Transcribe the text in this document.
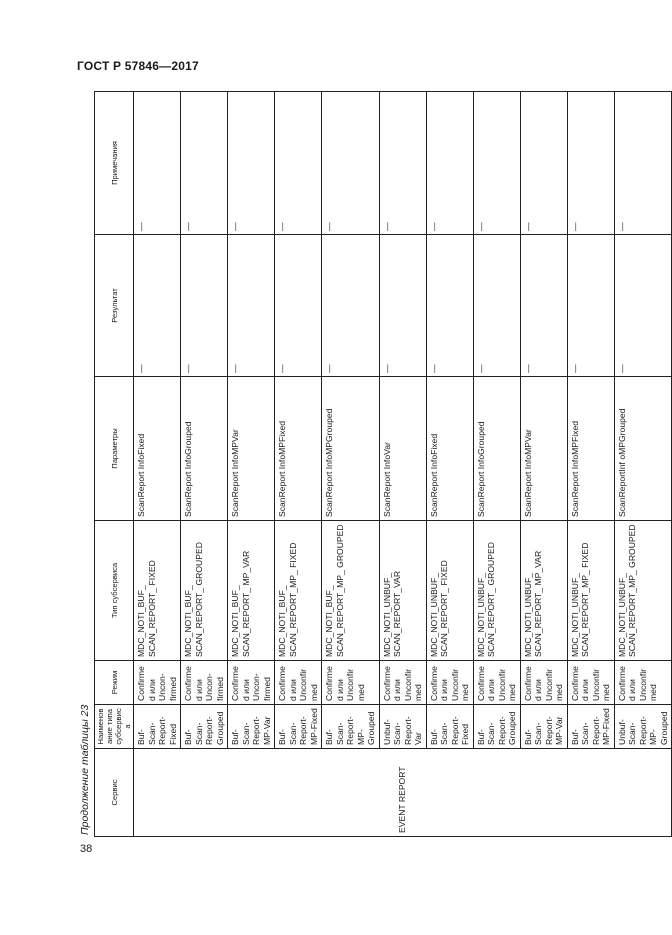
ГОСТ Р 57846—2017
Продолжение таблицы 23	Сервис	Наименование типа субсервиса	Режим	Тип субсервиса	Параметры	Результат	Примечания
EVENT REPORT	Buf-Scan-Report-Fixed	Confirmed или Uncon-firmed	MDC_NOTI_BUF_ SCAN_REPORT_ FIXED	ScanReport InfoFixed	—	—
	Buf-Scan-Report-Grouped	Confirmed или Uncon-firmed	MDC_NOTI_BUF_ SCAN_REPORT_ GROUPED	ScanReport InfoGrouped	—	—
	Buf-Scan-Report-MP-Var	Confirmed или Uncon-firmed	MDC_NOTI_BUF_ SCAN_REPORT_ MP_VAR	ScanReport InfoMPVar	—	—
	Buf-Scan-Report-MP-Fixed	Confirmed или Unconfirmed	MDC_NOTI_BUF_ SCAN_REPORT_MP_ FIXED	ScanReport InfoMPFixed	—	—
	Buf-Scan-Report-MP-Grouped	Confirmed или Unconfirmed	MDC_NOTI_BUF_ SCAN_REPORT_MP_ GROUPED	ScanReport InfoMPGrouped	—	—
	Unbuf-Scan-Report-Var	Confirmed или Unconfirmed	MDC_NOTI_UNBUF_ SCAN_REPORT_VAR	ScanReport InfoVar	—	—
	Buf-Scan-Report-Fixed	Confirmed или Unconfirmed	MDC_NOTI_UNBUF_ SCAN_REPORT_ FIXED	ScanReport InfoFixed	—	—
	Buf-Scan-Report-Grouped	Confirmed или Unconfirmed	MDC_NOTI_UNBUF_ SCAN_REPORT_ GROUPED	ScanReport InfoGrouped	—	—
	Buf-Scan-Report-MP-Var	Confirmed или Unconfirmed	MDC_NOTI_UNBUF_ SCAN_REPORT_ MP_VAR	ScanReport InfoMPVar	—	—
	Buf-Scan-Report-MP-Fixed	Confirmed или Unconfirmed	MDC_NOTI_UNBUF_ SCAN_REPORT_MP_ FIXED	ScanReport InfoMPFixed	—	—
	Unbuf-Scan-Report-MP-Grouped	Confirmed или Unconfirmed	MDC_NOTI_UNBUF_ SCAN_REPORT_MP_ GROUPED	ScanReportInf oMPGrouped	—	—
38
